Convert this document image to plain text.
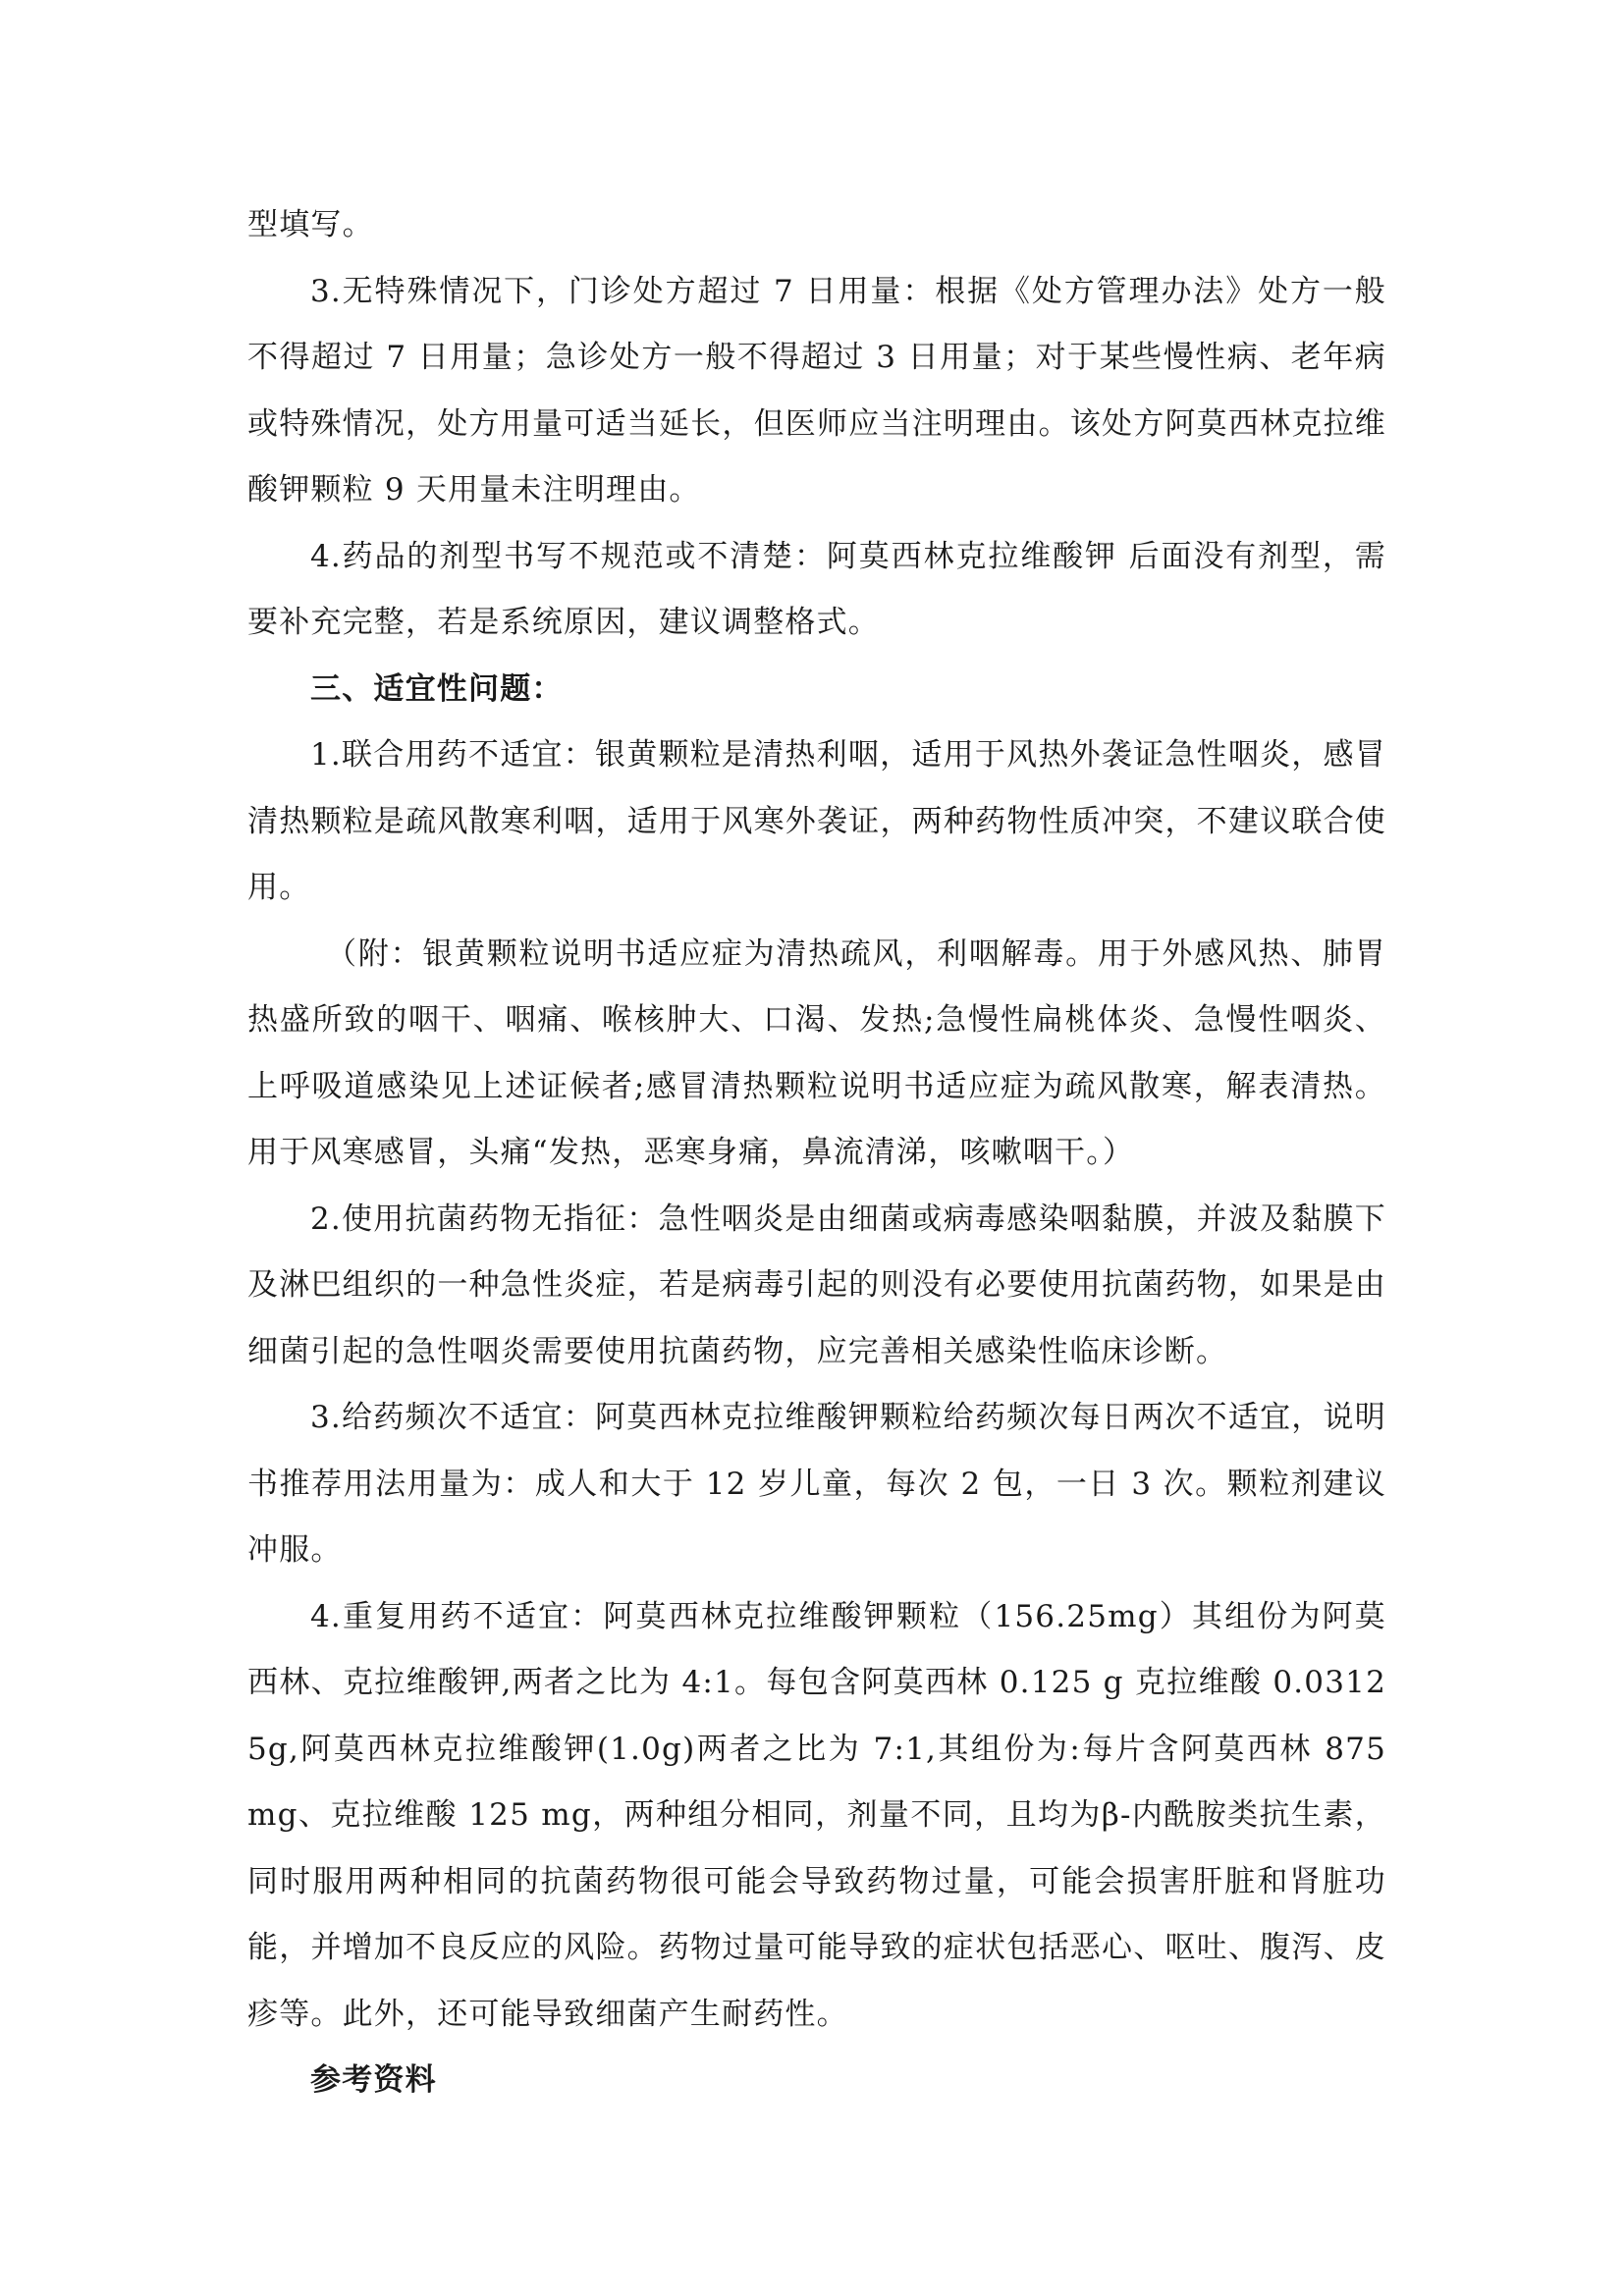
型填写。

3.无特殊情况下，门诊处方超过 7 日用量：根据《处方管理办法》处方一般不得超过 7 日用量；急诊处方一般不得超过 3 日用量；对于某些慢性病、老年病或特殊情况，处方用量可适当延长，但医师应当注明理由。该处方阿莫西林克拉维酸钾颗粒 9 天用量未注明理由。

4.药品的剂型书写不规范或不清楚：阿莫西林克拉维酸钾 后面没有剂型，需要补充完整，若是系统原因，建议调整格式。

三、适宜性问题：

1.联合用药不适宜：银黄颗粒是清热利咽，适用于风热外袭证急性咽炎，感冒清热颗粒是疏风散寒利咽，适用于风寒外袭证，两种药物性质冲突，不建议联合使用。

（附：银黄颗粒说明书适应症为清热疏风，利咽解毒。用于外感风热、肺胃热盛所致的咽干、咽痛、喉核肿大、口渴、发热;急慢性扁桃体炎、急慢性咽炎、上呼吸道感染见上述证候者;感冒清热颗粒说明书适应症为疏风散寒，解表清热。用于风寒感冒，头痛“发热，恶寒身痛，鼻流清涕，咳嗽咽干。）

2.使用抗菌药物无指征：急性咽炎是由细菌或病毒感染咽黏膜，并波及黏膜下及淋巴组织的一种急性炎症，若是病毒引起的则没有必要使用抗菌药物，如果是由细菌引起的急性咽炎需要使用抗菌药物，应完善相关感染性临床诊断。

3.给药频次不适宜：阿莫西林克拉维酸钾颗粒给药频次每日两次不适宜，说明书推荐用法用量为：成人和大于 12 岁儿童，每次 2 包，一日 3 次。颗粒剂建议冲服。

4.重复用药不适宜：阿莫西林克拉维酸钾颗粒（156.25mg）其组份为阿莫西林、克拉维酸钾,两者之比为 4:1。每包含阿莫西林 0.125 g 克拉维酸 0.03125g,阿莫西林克拉维酸钾(1.0g)两者之比为 7:1,其组份为:每片含阿莫西林 875 mg、克拉维酸 125 mg，两种组分相同，剂量不同，且均为β-内酰胺类抗生素，同时服用两种相同的抗菌药物很可能会导致药物过量，可能会损害肝脏和肾脏功能，并增加不良反应的风险。药物过量可能导致的症状包括恶心、呕吐、腹泻、皮疹等。此外，还可能导致细菌产生耐药性。

参考资料
